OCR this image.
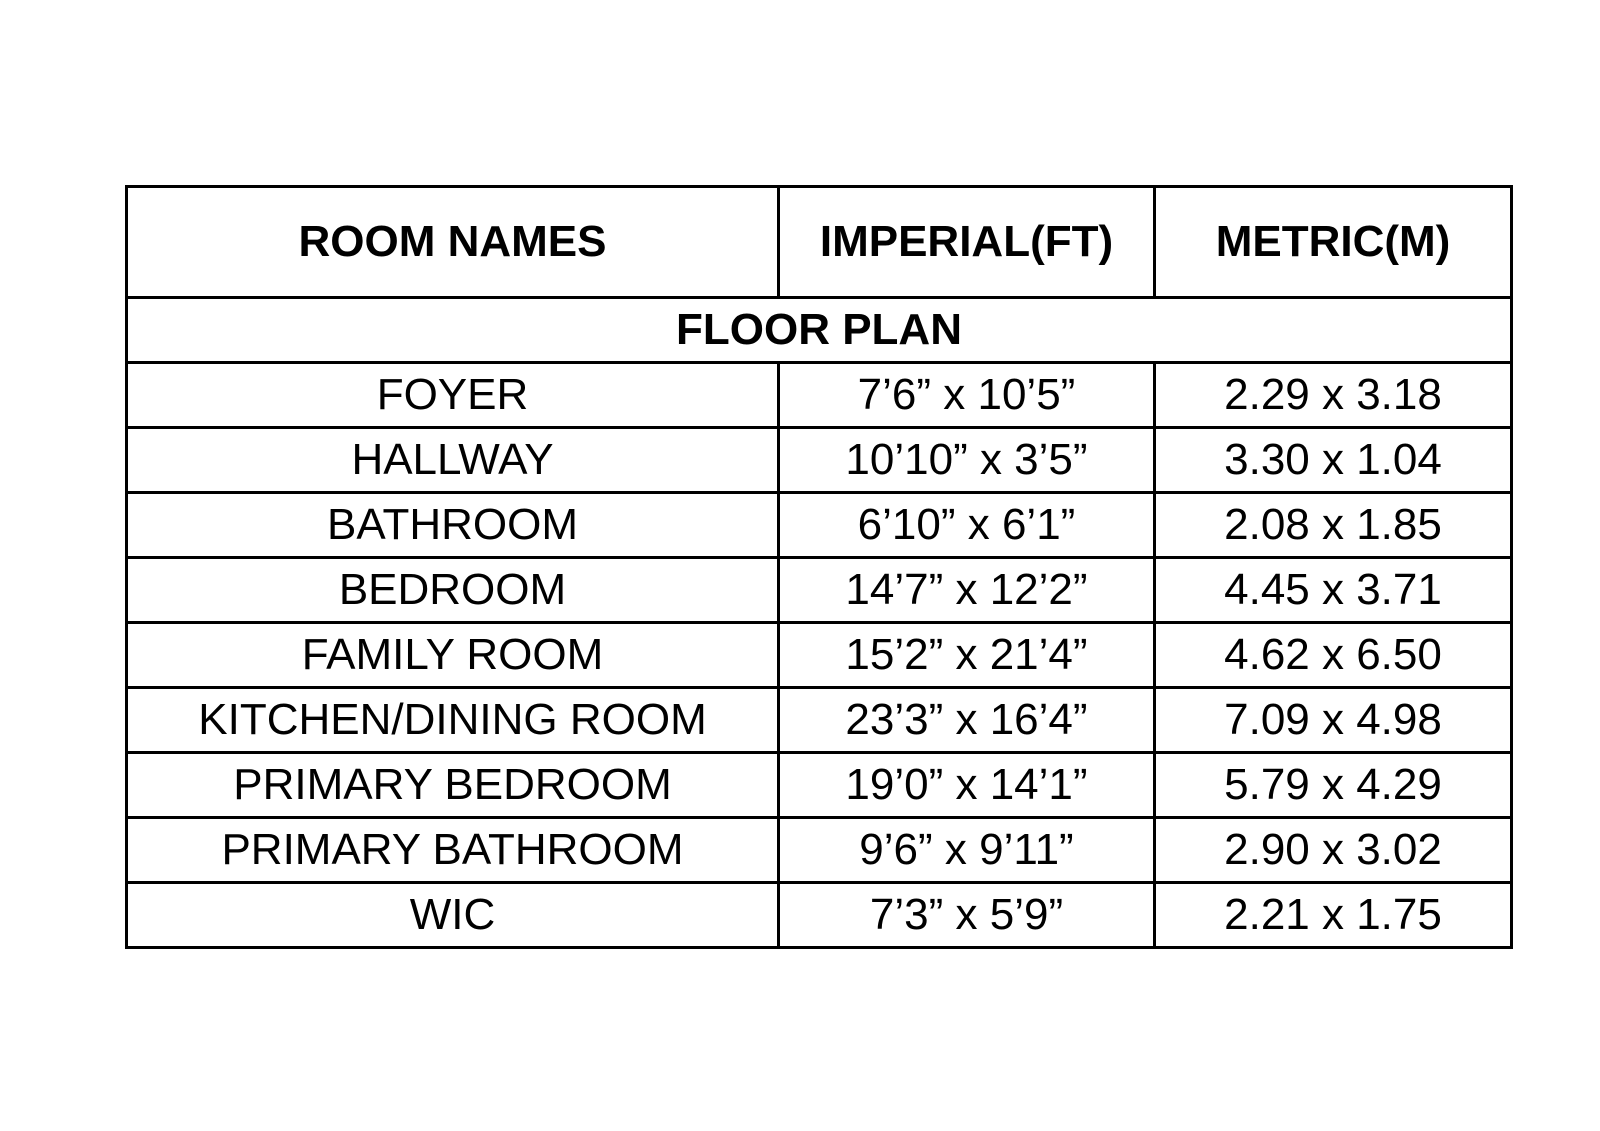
ROOM NAMES	IMPERIAL(FT)	METRIC(M)
FLOOR PLAN		
FOYER	7’6” x 10’5”	2.29 x 3.18
HALLWAY	10’10” x 3’5”	3.30 x 1.04
BATHROOM	6’10” x 6’1”	2.08 x 1.85
BEDROOM	14’7” x 12’2”	4.45 x 3.71
FAMILY ROOM	15’2” x 21’4”	4.62 x 6.50
KITCHEN/DINING ROOM	23’3” x 16’4”	7.09 x 4.98
PRIMARY BEDROOM	19’0” x 14’1”	5.79 x 4.29
PRIMARY BATHROOM	9’6” x 9’11”	2.90 x 3.02
WIC	7’3” x 5’9”	2.21 x 1.75
